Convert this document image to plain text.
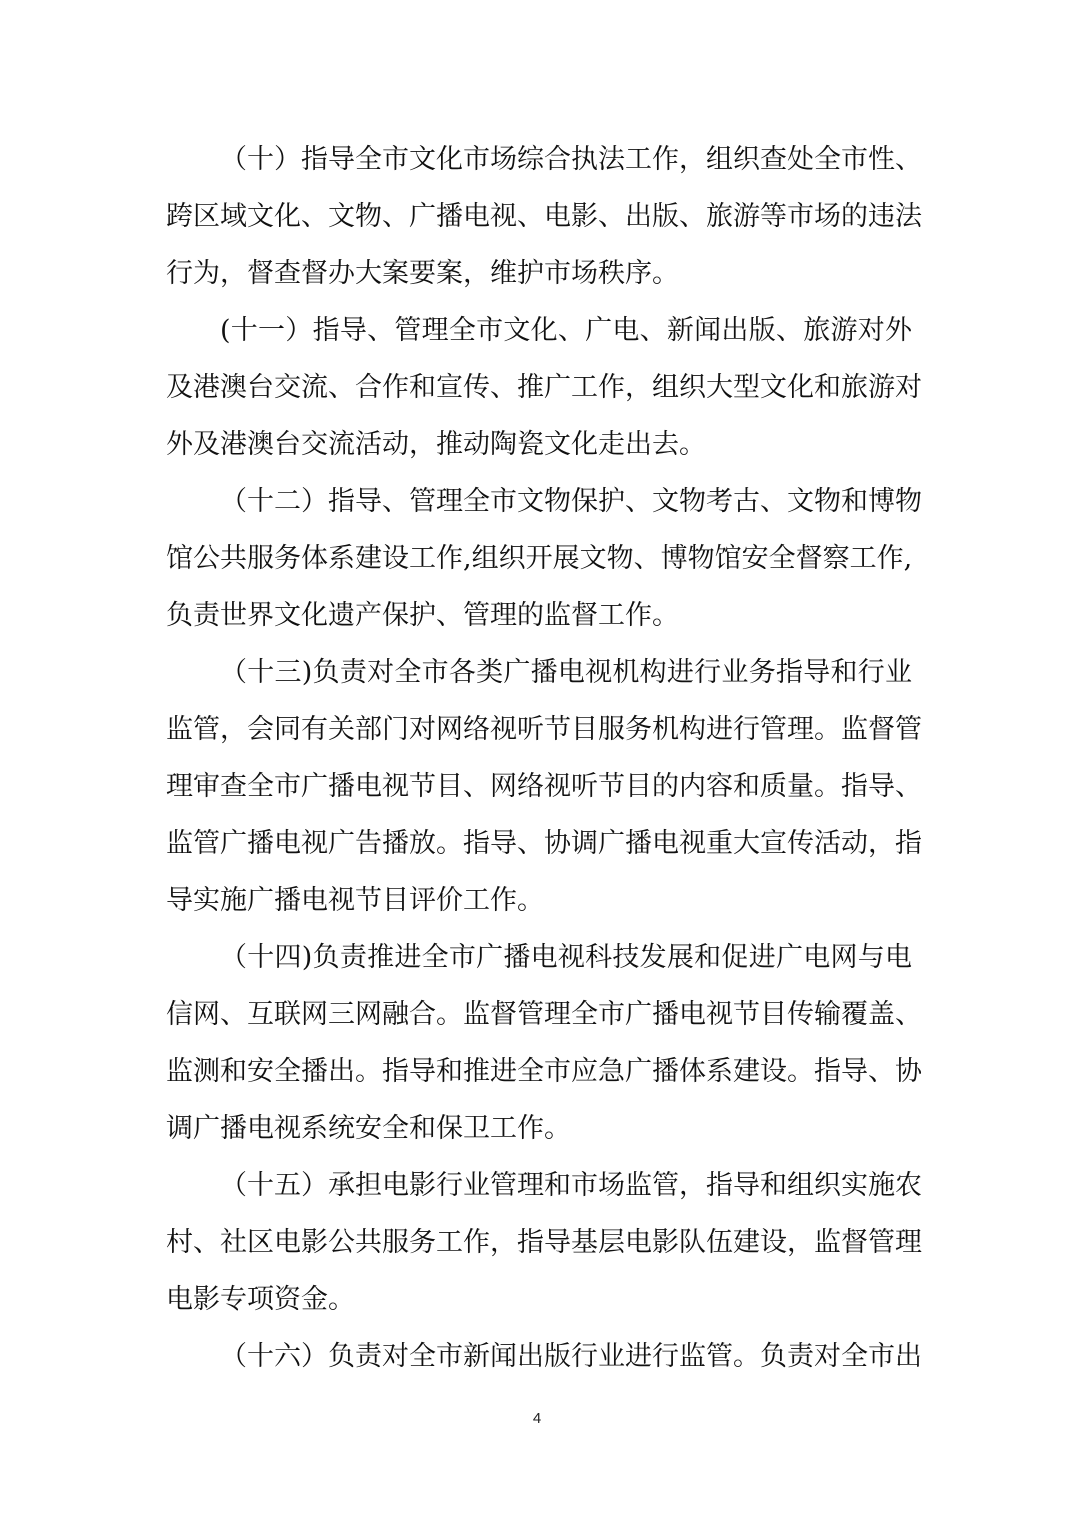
（十）指导全市文化市场综合执法工作，组织查处全市性、
跨区域文化、文物、广播电视、电影、出版、旅游等市场的违法
行为，督查督办大案要案，维护市场秩序。
(十一）指导、管理全市文化、广电、新闻出版、旅游对外
及港澳台交流、合作和宣传、推广工作，组织大型文化和旅游对
外及港澳台交流活动，推动陶瓷文化走出去。
（十二）指导、管理全市文物保护、文物考古、文物和博物
馆公共服务体系建设工作,组织开展文物、博物馆安全督察工作,
负责世界文化遗产保护、管理的监督工作。
（十三)负责对全市各类广播电视机构进行业务指导和行业
监管，会同有关部门对网络视听节目服务机构进行管理。监督管
理审查全市广播电视节目、网络视听节目的内容和质量。指导、
监管广播电视广告播放。指导、协调广播电视重大宣传活动，指
导实施广播电视节目评价工作。
（十四)负责推进全市广播电视科技发展和促进广电网与电
信网、互联网三网融合。监督管理全市广播电视节目传输覆盖、
监测和安全播出。指导和推进全市应急广播体系建设。指导、协
调广播电视系统安全和保卫工作。
（十五）承担电影行业管理和市场监管，指导和组织实施农
村、社区电影公共服务工作，指导基层电影队伍建设，监督管理
电影专项资金。
（十六）负责对全市新闻出版行业进行监管。负责对全市出
4
